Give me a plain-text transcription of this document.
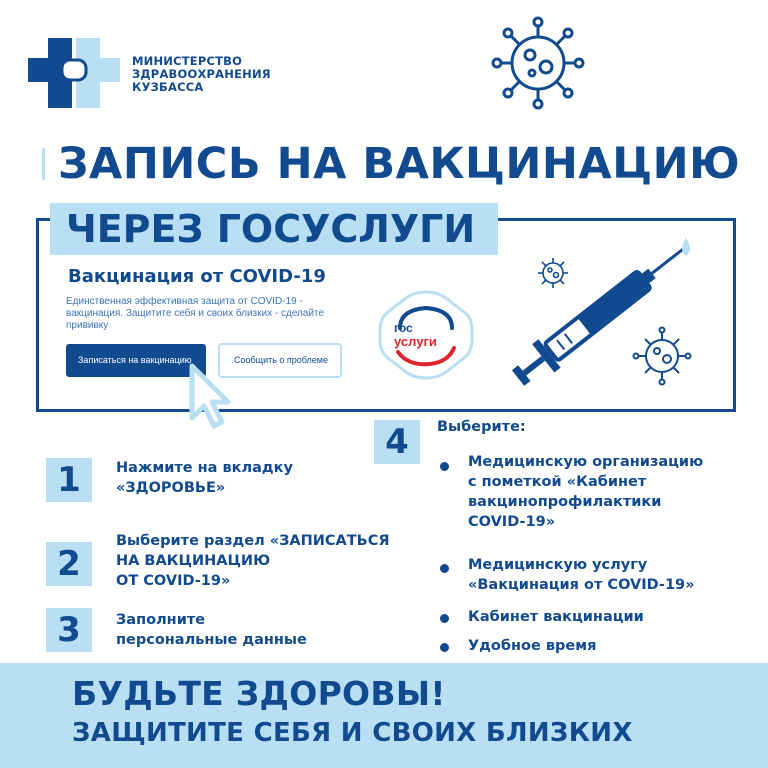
МИНИСТЕРСТВО
ЗДРАВООХРАНЕНИЯ
КУЗБАССА
ЗАПИСЬ НА ВАКЦИНАЦИЮ
ЧЕРЕЗ ГОСУСЛУГИ
Вакцинация от COVID-19
Единственная эффективная защита от COVID-19 - вакцинация. Защитите себя и своих близких - сделайте прививку
Записаться на вакцинацию	Сообщить о проблеме
гос
услуги
1	Нажмите на вкладку
«ЗДОРОВЬЕ»
2
Выберите раздел «ЗАПИСАТЬСЯ
НА ВАКЦИНАЦИЮ
ОТ COVID-19»
3	Заполните
персональные данные
4	Выберите:
Медицинскую организацию
с пометкой «Кабинет
вакцинопрофилактики
COVID-19»
Медицинскую услугу
«Вакцинация от COVID-19»
Кабинет вакцинации
Удобное время
БУДЬТЕ ЗДОРОВЫ!
ЗАЩИТИТЕ СЕБЯ И СВОИХ БЛИЗКИХ
